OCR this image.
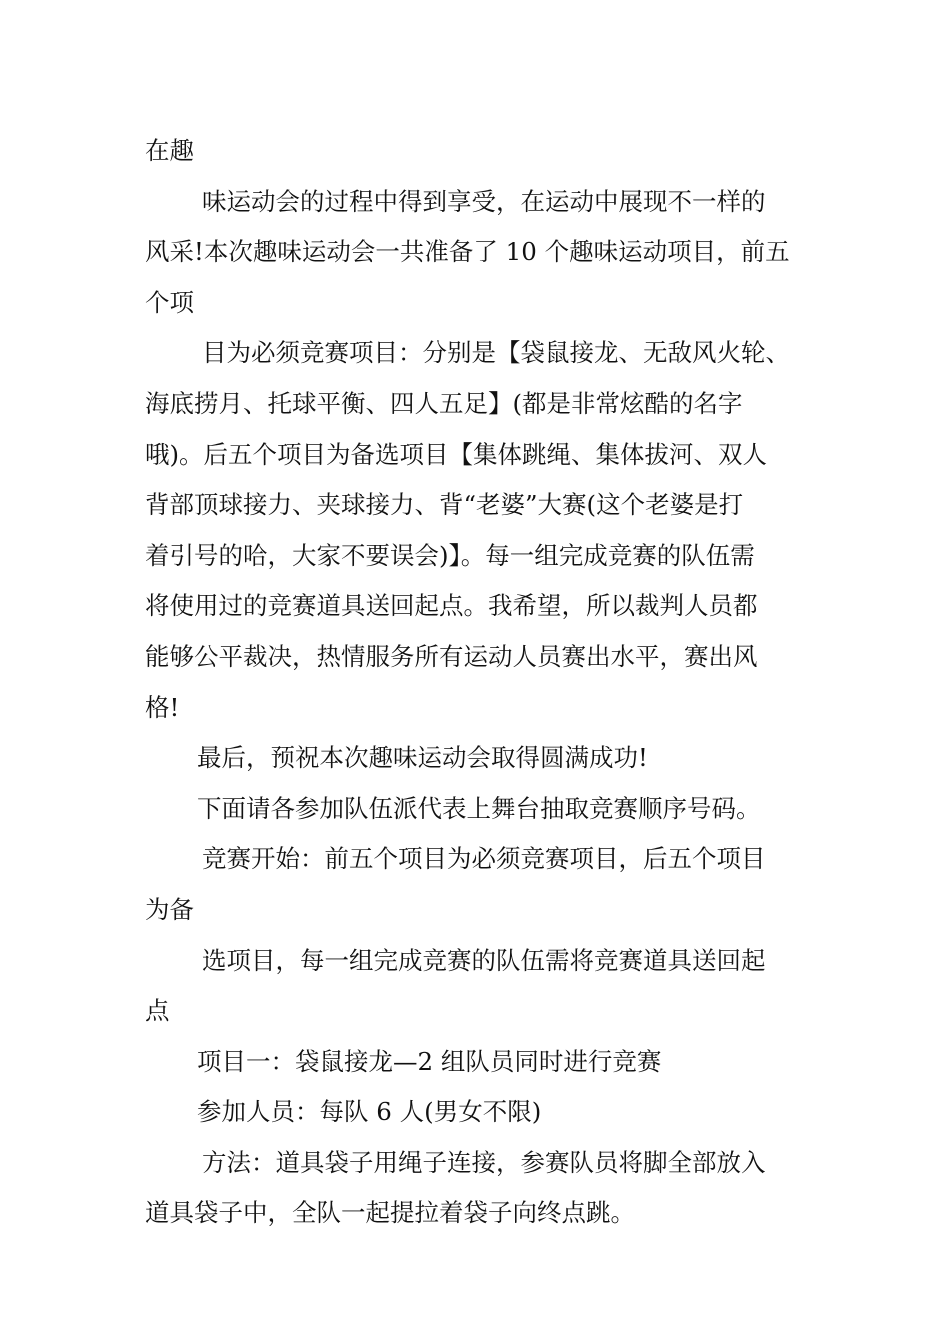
在趣
味运动会的过程中得到享受，在运动中展现不一样的
风采!本次趣味运动会一共准备了 10 个趣味运动项目，前五
个项
目为必须竞赛项目：分别是【袋鼠接龙、无敌风火轮、
海底捞月、托球平衡、四人五足】(都是非常炫酷的名字
哦)。后五个项目为备选项目【集体跳绳、集体拔河、双人
背部顶球接力、夹球接力、背“老婆”大赛(这个老婆是打
着引号的哈，大家不要误会)】。每一组完成竞赛的队伍需
将使用过的竞赛道具送回起点。我希望，所以裁判人员都
能够公平裁决，热情服务所有运动人员赛出水平，赛出风
格!
最后，预祝本次趣味运动会取得圆满成功!
下面请各参加队伍派代表上舞台抽取竞赛顺序号码。
竞赛开始：前五个项目为必须竞赛项目，后五个项目
为备
选项目，每一组完成竞赛的队伍需将竞赛道具送回起
点
项目一：袋鼠接龙—2 组队员同时进行竞赛
参加人员：每队 6 人(男女不限)
方法：道具袋子用绳子连接，参赛队员将脚全部放入
道具袋子中，全队一起提拉着袋子向终点跳。
